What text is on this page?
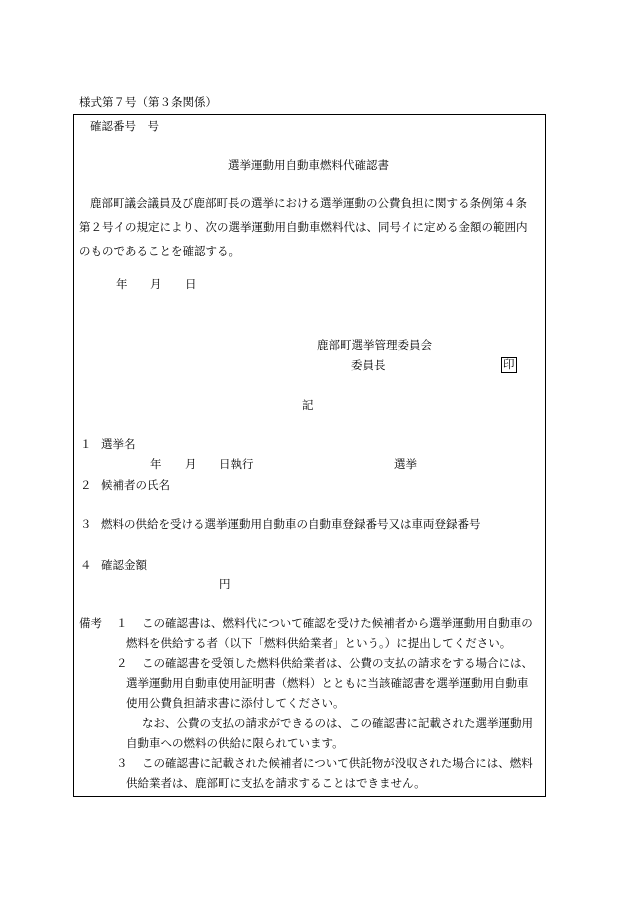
様式第７号（第３条関係）
確認番号　号
選挙運動用自動車燃料代確認書
鹿部町議会議員及び鹿部町長の選挙における選挙運動の公費負担に関する条例第４条
第２号イの規定により、次の選挙運動用自動車燃料代は、同号イに定める金額の範囲内
のものであることを確認する。
年 月 日
鹿部町選挙管理委員会
委員長	印
記
１ 選挙名
年 月 日執行	選挙
２ 候補者の氏名
３ 燃料の供給を受ける選挙運動用自動車の自動車登録番号又は車両登録番号
４ 確認金額
円
備考 １ この確認書は、燃料代について確認を受けた候補者から選挙運動用自動車の
燃料を供給する者（以下「燃料供給業者」という。）に提出してください。
２ この確認書を受領した燃料供給業者は、公費の支払の請求をする場合には、
選挙運動用自動車使用証明書（燃料）とともに当該確認書を選挙運動用自動車
使用公費負担請求書に添付してください。
なお、公費の支払の請求ができるのは、この確認書に記載された選挙運動用
自動車への燃料の供給に限られています。
３ この確認書に記載された候補者について供託物が没収された場合には、燃料
供給業者は、鹿部町に支払を請求することはできません。
